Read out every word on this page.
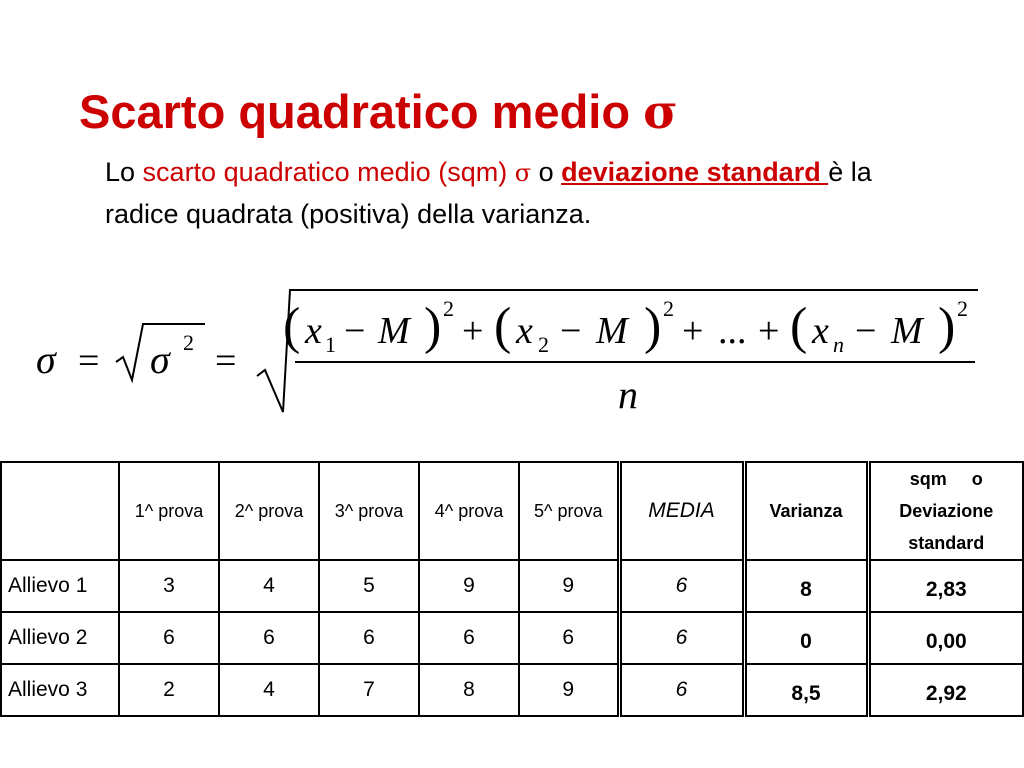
Scarto quadratico medio σ
Lo scarto quadratico medio (sqm) σ o deviazione standard è la radice quadrata (positiva) della varianza.
σ = σ 2 =
( x 1 − M ) 2
+ ( x 2 − M ) 2
+ ... + ( x n − M ) 2
n
	1^ prova	2^ prova	3^ prova	4^ prova	5^ prova	MEDIA	Varianza	sqm o
Deviazione
standard
Allievo 1	3	4	5	9	9	6	8	2,83
Allievo 2	6	6	6	6	6	6	0	0,00
Allievo 3	2	4	7	8	9	6	8,5	2,92
